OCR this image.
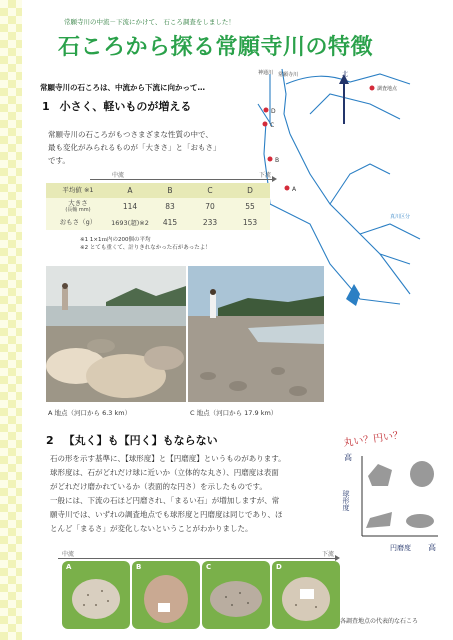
常願寺川の中流－下流にかけて、 石ころ調査をしました！
石ころから探る常願寺川の特徴
常願寺川の石ころは、中流から下流に向かって…
1 小さく、軽いものが増える
常願寺川の石ころがもつさまざまな性質の中で、
最も変化がみられるものが「大きさ」と「おもさ」
です。
真川区分
神通川 常願寺川	北
調査地点
D
C
B
A
中流	下流
平均値 ※1	A	B	C	D

大きさ
(長軸 mm)	114	83	70	55
おもさ（g）	1693(超)※2	415	233	153
※1 1×1ｍ内の200個の平均
※2 とても重くて、計りきれなかった石があったよ！
A 地点（河口から 6.3 km）	C 地点（河口から 17.9 km）
2 【丸く】も【円く】もならない	丸い？円い？
石の形を示す基準に、【球形度】と【円磨度】というものがあります。
球形度は、石がどれだけ球に近いか（立体的な丸さ）、円磨度は表面
がどれだけ磨かれているか（表面的な円さ）を示したものです。
一般には、下流の石ほど円磨され、「まるい石」が増加しますが、常
願寺川では、いずれの調査地点でも球形度と円磨度は同じであり、ほ
とんど「まるさ」が変化しないということがわかりました。
高
球形度
円磨度 高
中流	下流
A	B	C	D
各調査地点の代表的な石ころ
